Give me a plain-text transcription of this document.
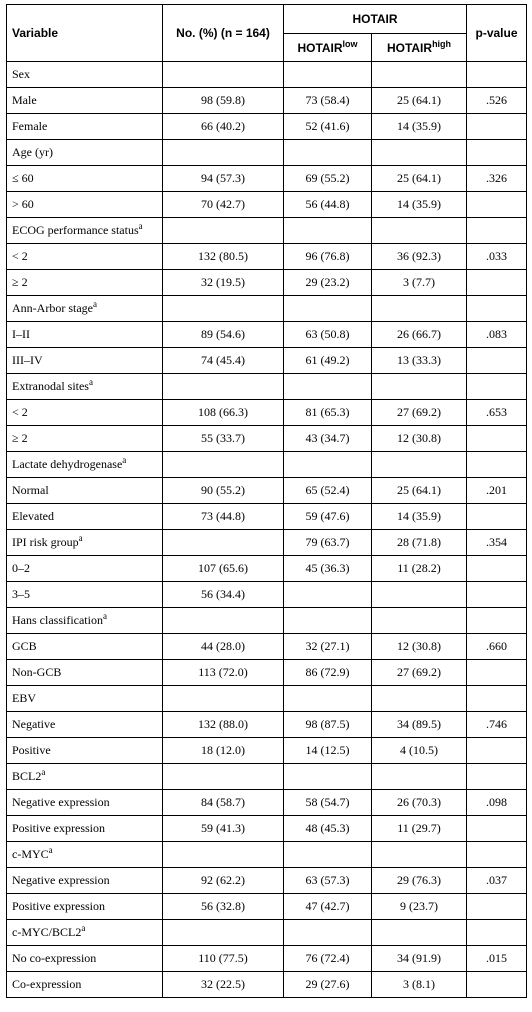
Variable	No. (%) (n = 164)	HOTAIR		p-value
		$HOTAIR^{low}$	$HOTAIR^{high}$
Sex				
Male	98 (59.8)	73 (58.4)	25 (64.1)	.526
Female	66 (40.2)	52 (41.6)	14 (35.9)	
Age (yr)				
≤ 60	94 (57.3)	69 (55.2)	25 (64.1)	.326
> 60	70 (42.7)	56 (44.8)	14 (35.9)	
ECOG performance status$^a$				
< 2	132 (80.5)	96 (76.8)	36 (92.3)	.033
≥ 2	32 (19.5)	29 (23.2)	3 (7.7)	
Ann-Arbor stage$^a$				
I–II	89 (54.6)	63 (50.8)	26 (66.7)	.083
III–IV	74 (45.4)	61 (49.2)	13 (33.3)	
Extranodal sites$^a$				
< 2	108 (66.3)	81 (65.3)	27 (69.2)	.653
≥ 2	55 (33.7)	43 (34.7)	12 (30.8)	
Lactate dehydrogenase$^a$				
Normal	90 (55.2)	65 (52.4)	25 (64.1)	.201
Elevated	73 (44.8)	59 (47.6)	14 (35.9)	
IPI risk group$^a$		79 (63.7)	28 (71.8)	.354
0–2	107 (65.6)	45 (36.3)	11 (28.2)	
3–5	56 (34.4)			
Hans classification$^a$				
GCB	44 (28.0)	32 (27.1)	12 (30.8)	.660
Non-GCB	113 (72.0)	86 (72.9)	27 (69.2)	
EBV				
Negative	132 (88.0)	98 (87.5)	34 (89.5)	.746
Positive	18 (12.0)	14 (12.5)	4 (10.5)	
BCL2$^a$				
Negative expression	84 (58.7)	58 (54.7)	26 (70.3)	.098
Positive expression	59 (41.3)	48 (45.3)	11 (29.7)	
c-MYC$^a$				
Negative expression	92 (62.2)	63 (57.3)	29 (76.3)	.037
Positive expression	56 (32.8)	47 (42.7)	9 (23.7)	
c-MYC/BCL2$^a$				
No co-expression	110 (77.5)	76 (72.4)	34 (91.9)	.015
Co-expression	32 (22.5)	29 (27.6)	3 (8.1)	
